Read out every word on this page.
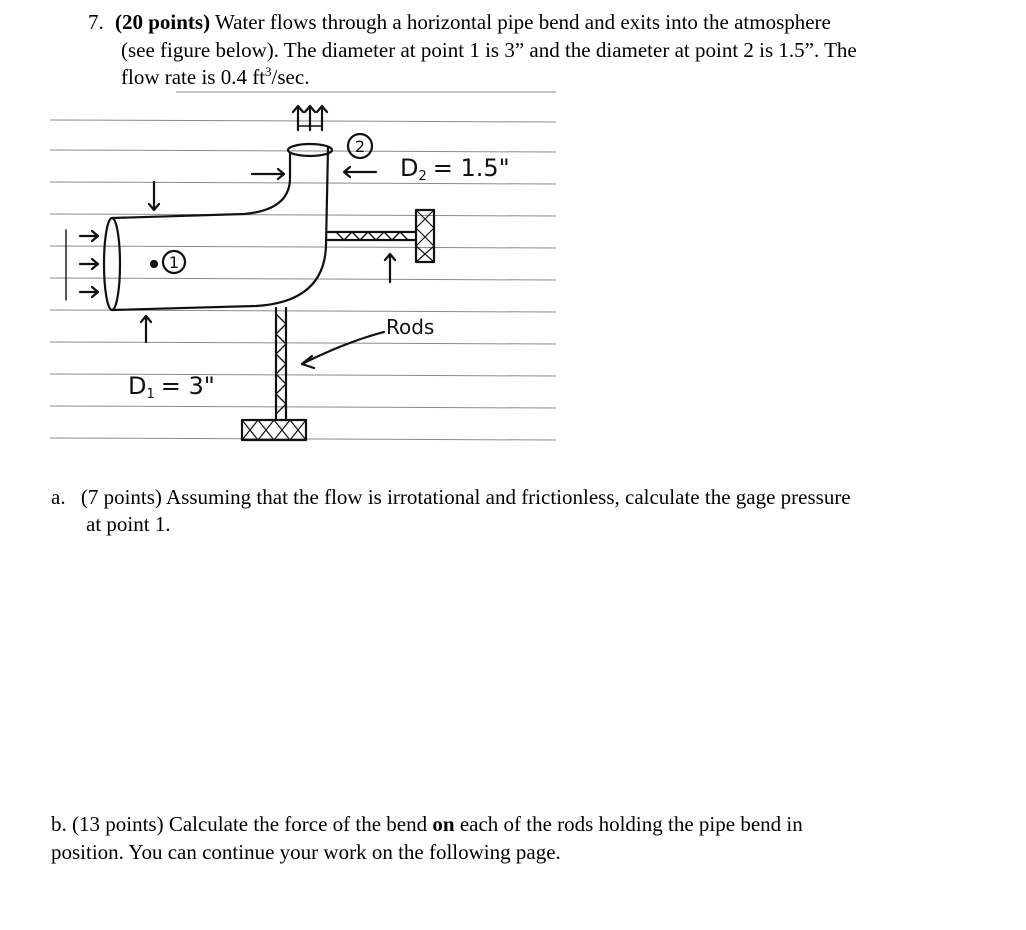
7. (20 points) Water flows through a horizontal pipe bend and exits into the atmosphere
(see figure below). The diameter at point 1 is 3” and the diameter at point 2 is 1.5”. The
flow rate is 0.4 $ft^3/\sec$.
1
2
D1 = 3"
D2 = 1.5"
Rods
a. (7 points) Assuming that the flow is irrotational and frictionless, calculate the gage pressure
at point 1.
b. (13 points) Calculate the force of the bend on each of the rods holding the pipe bend in
position. You can continue your work on the following page.
